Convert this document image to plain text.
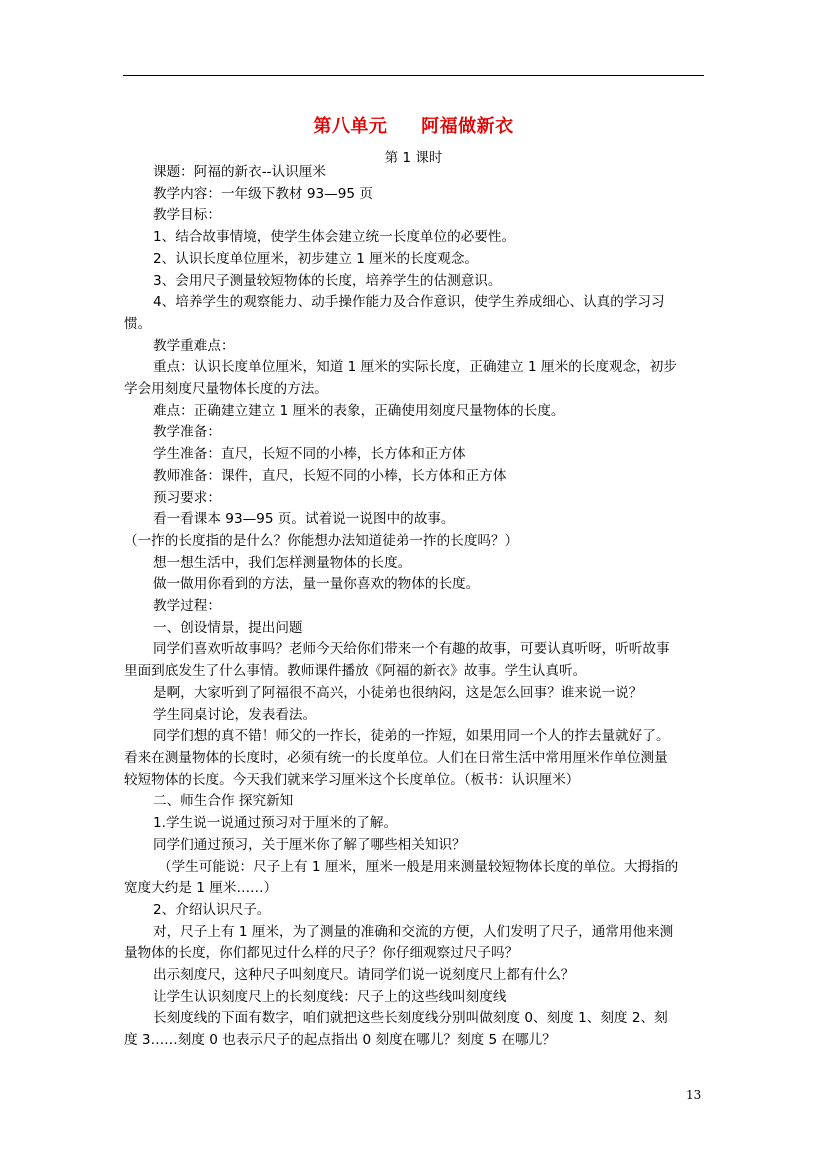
第八单元     阿福做新衣
第 1 课时
课题：阿福的新衣--认识厘米
教学内容：一年级下教材 93—95 页
教学目标：
1、结合故事情境，使学生体会建立统一长度单位的必要性。
2、认识长度单位厘米，初步建立 1 厘米的长度观念。
3、会用尺子测量较短物体的长度，培养学生的估测意识。
4、培养学生的观察能力、动手操作能力及合作意识，使学生养成细心、认真的学习习
惯。
教学重难点：
重点：认识长度单位厘米，知道 1 厘米的实际长度，正确建立 1 厘米的长度观念，初步
学会用刻度尺量物体长度的方法。
难点：正确建立建立 1 厘米的表象，正确使用刻度尺量物体的长度。
教学准备：
学生准备：直尺，长短不同的小棒，长方体和正方体
教师准备：课件，直尺，长短不同的小棒，长方体和正方体
预习要求：
看一看课本 93—95 页。试着说一说图中的故事。
（一拃的长度指的是什么？你能想办法知道徒弟一拃的长度吗？）
想一想生活中，我们怎样测量物体的长度。
做一做用你看到的方法，量一量你喜欢的物体的长度。
教学过程：
一、创设情景，提出问题
同学们喜欢听故事吗？老师今天给你们带来一个有趣的故事，可要认真听呀，听听故事
里面到底发生了什么事情。教师课件播放《阿福的新衣》故事。学生认真听。
是啊，大家听到了阿福很不高兴，小徒弟也很纳闷，这是怎么回事？谁来说一说？
学生同桌讨论，发表看法。
同学们想的真不错！师父的一拃长，徒弟的一拃短，如果用同一个人的拃去量就好了。
看来在测量物体的长度时，必须有统一的长度单位。人们在日常生活中常用厘米作单位测量
较短物体的长度。今天我们就来学习厘米这个长度单位。（板书：认识厘米）
二、师生合作 探究新知
1.学生说一说通过预习对于厘米的了解。
同学们通过预习，关于厘米你了解了哪些相关知识？
（学生可能说：尺子上有 1 厘米，厘米一般是用来测量较短物体长度的单位。大拇指的
宽度大约是 1 厘米……）
2、介绍认识尺子。
对，尺子上有 1 厘米，为了测量的准确和交流的方便，人们发明了尺子，通常用他来测
量物体的长度，你们都见过什么样的尺子？你仔细观察过尺子吗？
出示刻度尺，这种尺子叫刻度尺。请同学们说一说刻度尺上都有什么？
让学生认识刻度尺上的长刻度线：尺子上的这些线叫刻度线
长刻度线的下面有数字，咱们就把这些长刻度线分别叫做刻度 0、刻度 1、刻度 2、刻
度 3……刻度 0 也表示尺子的起点指出 0 刻度在哪儿？刻度 5 在哪儿？
13
